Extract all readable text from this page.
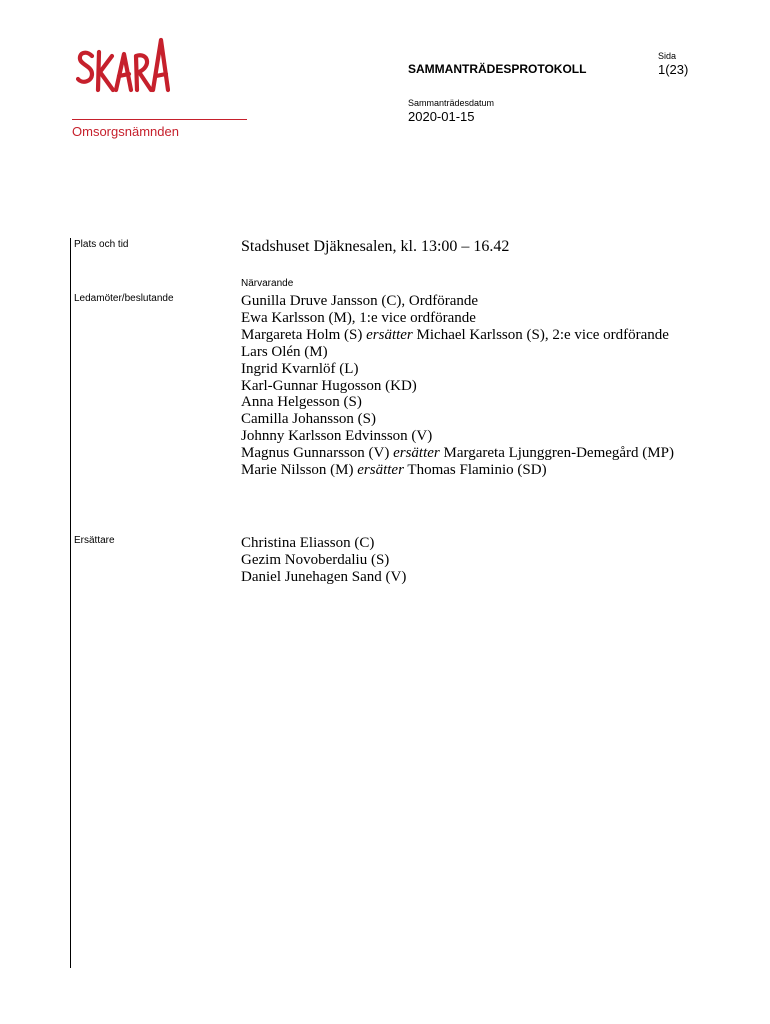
Omsorgsnämnden
SAMMANTRÄDESPROTOKOLL
Sida
1(23)
Sammanträdesdatum
2020-01-15
Plats och tid	Stadshuset Djäknesalen, kl. 13:00 – 16.42
Närvarande
Ledamöter/beslutande	Gunilla Druve Jansson (C), Ordförande
Ewa Karlsson (M), 1:e vice ordförande
Margareta Holm (S) ersätter Michael Karlsson (S), 2:e vice ordförande
Lars Olén (M)
Ingrid Kvarnlöf (L)
Karl-Gunnar Hugosson (KD)
Anna Helgesson (S)
Camilla Johansson (S)
Johnny Karlsson Edvinsson (V)
Magnus Gunnarsson (V) ersätter Margareta Ljunggren-Demegård (MP)
Marie Nilsson (M) ersätter Thomas Flaminio (SD)
Ersättare	Christina Eliasson (C)
Gezim Novoberdaliu (S)
Daniel Junehagen Sand (V)
